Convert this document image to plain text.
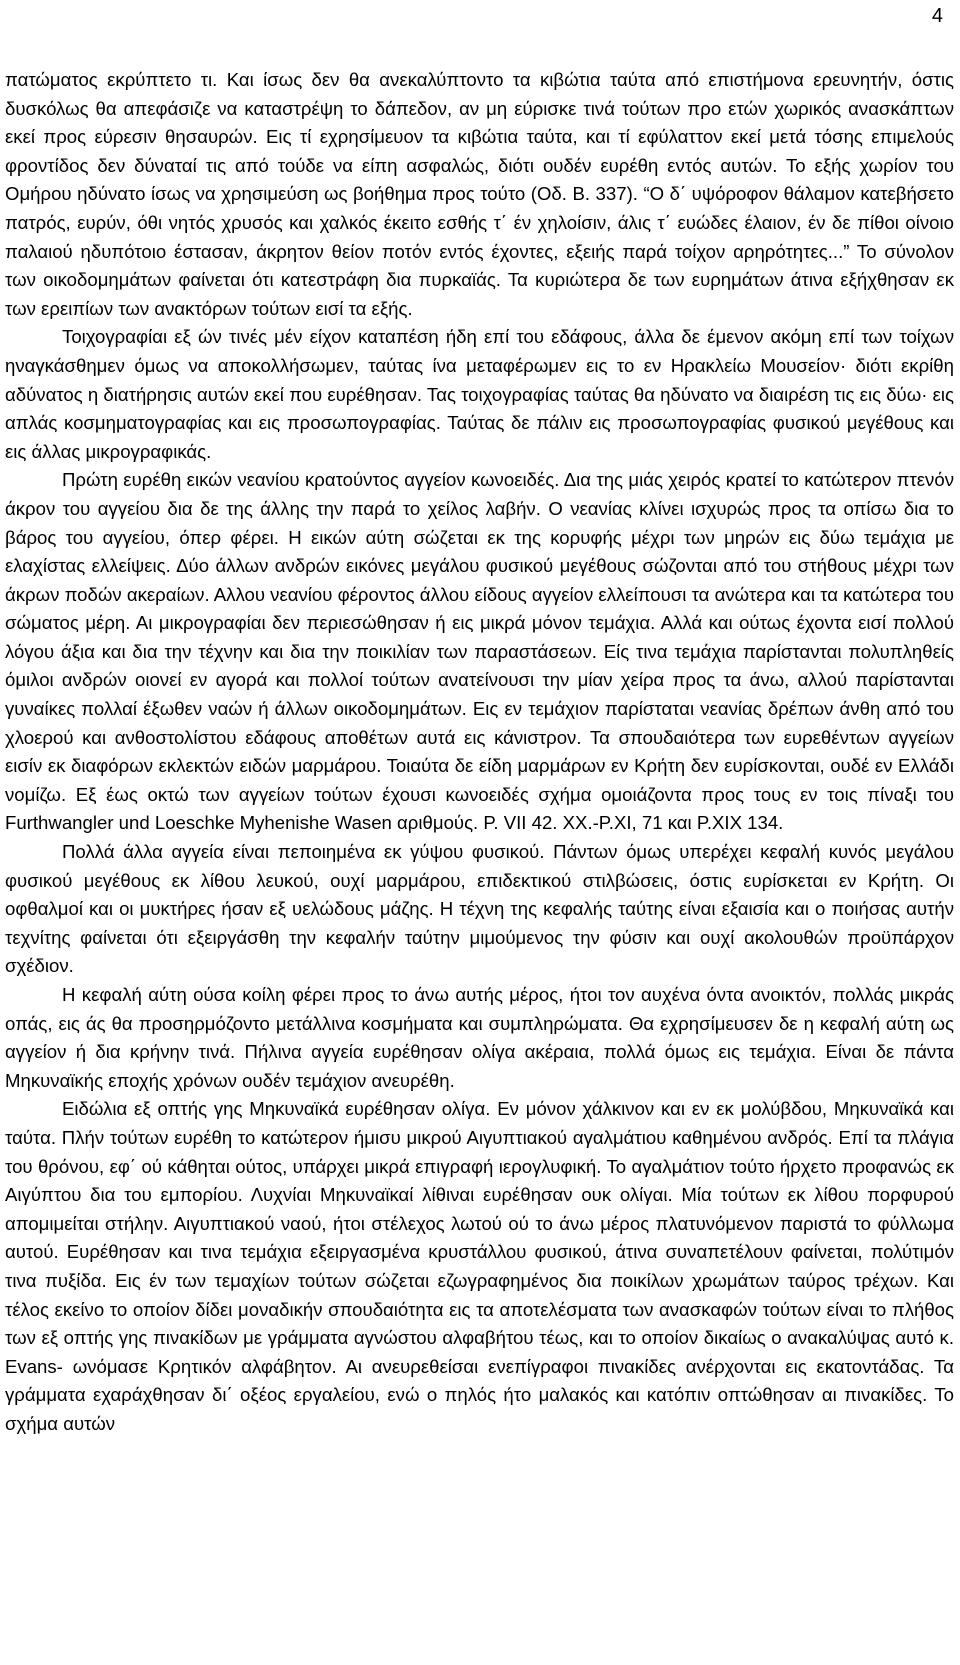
4

πατώματος εκρύπτετο τι. Και ίσως δεν θα ανεκαλύπτοντο τα κιβώτια ταύτα από επιστήμονα ερευνητήν, όστις δυσκόλως θα απεφάσιζε να καταστρέψη το δάπεδον, αν μη εύρισκε τινά τούτων προ ετών χωρικός ανασκάπτων εκεί προς εύρεσιν θησαυρών. Εις τί εχρησίμευον τα κιβώτια ταύτα, και τί εφύλαττον εκεί μετά τόσης επιμελούς φροντίδος δεν δύναταί τις από τούδε να είπη ασφαλώς, διότι ουδέν ευρέθη εντός αυτών. Το εξής χωρίον του Ομήρου ηδύνατο ίσως να χρησιμεύση ως βοήθημα προς τούτο (Οδ. Β. 337). “Ο δ΄ υψόροφον θάλαμον κατεβήσετο πατρός, ευρύν, όθι νητός χρυσός και χαλκός έκειτο εσθής τ΄ έν χηλοίσιν, άλις τ΄ ευώδες έλαιον, έν δε πίθοι οίνοιο παλαιού ηδυπότοιο έστασαν, άκρητον θείον ποτόν εντός έχοντες, εξειής παρά τοίχον αρηρότητες...” Το σύνολον των οικοδομημάτων φαίνεται ότι κατεστράφη δια πυρκαϊάς. Τα κυριώτερα δε των ευρημάτων άτινα εξήχθησαν εκ των ερειπίων των ανακτόρων τούτων εισί τα εξής.

Τοιχογραφίαι εξ ών τινές μέν είχον καταπέση ήδη επί του εδάφους, άλλα δε έμενον ακόμη επί των τοίχων ηναγκάσθημεν όμως να αποκολλήσωμεν, ταύτας ίνα μεταφέρωμεν εις το εν Ηρακλείω Μουσείον· διότι εκρίθη αδύνατος η διατήρησις αυτών εκεί που ευρέθησαν. Τας τοιχογραφίας ταύτας θα ηδύνατο να διαιρέση τις εις δύω· εις απλάς κοσμηματογραφίας και εις προσωπογραφίας. Ταύτας δε πάλιν εις προσωπογραφίας φυσικού μεγέθους και εις άλλας μικρογραφικάς.

Πρώτη ευρέθη εικών νεανίου κρατούντος αγγείον κωνοειδές. Δια της μιάς χειρός κρατεί το κατώτερον πτενόν άκρον του αγγείου δια δε της άλλης την παρά το χείλος λαβήν. Ο νεανίας κλίνει ισχυρώς προς τα οπίσω δια το βάρος του αγγείου, όπερ φέρει. Η εικών αύτη σώζεται εκ της κορυφής μέχρι των μηρών εις δύω τεμάχια με ελαχίστας ελλείψεις. Δύο άλλων ανδρών εικόνες μεγάλου φυσικού μεγέθους σώζονται από του στήθους μέχρι των άκρων ποδών ακεραίων. Αλλου νεανίου φέροντος άλλου είδους αγγείον ελλείπουσι τα ανώτερα και τα κατώτερα του σώματος μέρη. Αι μικρογραφίαι δεν περιεσώθησαν ή εις μικρά μόνον τεμάχια. Αλλά και ούτως έχοντα εισί πολλού λόγου άξια και δια την τέχνην και δια την ποικιλίαν των παραστάσεων. Είς τινα τεμάχια παρίστανται πολυπληθείς όμιλοι ανδρών οιονεί εν αγορά και πολλοί τούτων ανατείνουσι την μίαν χείρα προς τα άνω, αλλού παρίστανται γυναίκες πολλαί έξωθεν ναών ή άλλων οικοδομημάτων. Εις εν τεμάχιον παρίσταται νεανίας δρέπων άνθη από του χλοερού και ανθοστολίστου εδάφους αποθέτων αυτά εις κάνιστρον. Τα σπουδαιότερα των ευρεθέντων αγγείων εισίν εκ διαφόρων εκλεκτών ειδών μαρμάρου. Τοιαύτα δε είδη μαρμάρων εν Κρήτη δεν ευρίσκονται, ουδέ εν Ελλάδι νομίζω. Εξ έως οκτώ των αγγείων τούτων έχουσι κωνοειδές σχήμα ομοιάζοντα προς τους εν τοις πίναξι του Furthwangler und Loeschke Myhenishe Wasen αριθμούς. Ρ. VII 42. XX.-P.XI, 71 και P.XIX 134.

Πολλά άλλα αγγεία είναι πεποιημένα εκ γύψου φυσικού. Πάντων όμως υπερέχει κεφαλή κυνός μεγάλου φυσικού μεγέθους εκ λίθου λευκού, ουχί μαρμάρου, επιδεκτικού στιλβώσεις, όστις ευρίσκεται εν Κρήτη. Οι οφθαλμοί και οι μυκτήρες ήσαν εξ υελώδους μάζης. Η τέχνη της κεφαλής ταύτης είναι εξαισία και ο ποιήσας αυτήν τεχνίτης φαίνεται ότι εξειργάσθη την κεφαλήν ταύτην μιμούμενος την φύσιν και ουχί ακολουθών προϋπάρχον σχέδιον.

Η κεφαλή αύτη ούσα κοίλη φέρει προς το άνω αυτής μέρος, ήτοι τον αυχένα όντα ανοικτόν, πολλάς μικράς οπάς, εις άς θα προσηρμόζοντο μετάλλινα κοσμήματα και συμπληρώματα. Θα εχρησίμευσεν δε η κεφαλή αύτη ως αγγείον ή δια κρήνην τινά. Πήλινα αγγεία ευρέθησαν ολίγα ακέραια, πολλά όμως εις τεμάχια. Είναι δε πάντα Μηκυναϊκής εποχής χρόνων ουδέν τεμάχιον ανευρέθη.

Ειδώλια εξ οπτής γης Μηκυναϊκά ευρέθησαν ολίγα. Εν μόνον χάλκινον και εν εκ μολύβδου, Μηκυναϊκά και ταύτα. Πλήν τούτων ευρέθη το κατώτερον ήμισυ μικρού Αιγυπτιακού αγαλμάτιου καθημένου ανδρός. Επί τα πλάγια του θρόνου, εφ΄ ού κάθηται ούτος, υπάρχει μικρά επιγραφή ιερογλυφική. Το αγαλμάτιον τούτο ήρχετο προφανώς εκ Αιγύπτου δια του εμπορίου. Λυχνίαι Μηκυναϊκαί λίθιναι ευρέθησαν ουκ ολίγαι. Μία τούτων εκ λίθου πορφυρού απομιμείται στήλην. Αιγυπτιακού ναού, ήτοι στέλεχος λωτού ού το άνω μέρος πλατυνόμενον παριστά το φύλλωμα αυτού. Ευρέθησαν και τινα τεμάχια εξειργασμένα κρυστάλλου φυσικού, άτινα συναπετέλουν φαίνεται, πολύτιμόν τινα πυξίδα. Εις έν των τεμαχίων τούτων σώζεται εζωγραφημένος δια ποικίλων χρωμάτων ταύρος τρέχων. Και τέλος εκείνο το οποίον δίδει μοναδικήν σπουδαιότητα εις τα αποτελέσματα των ανασκαφών τούτων είναι το πλήθος των εξ οπτής γης πινακίδων με γράμματα αγνώστου αλφαβήτου τέως, και το οποίον δικαίως ο ανακαλύψας αυτό κ. Evans- ωνόμασε Κρητικόν αλφάβητον. Αι ανευρεθείσαι ενεπίγραφοι πινακίδες ανέρχονται εις εκατοντάδας. Τα γράμματα εχαράχθησαν δι΄ οξέος εργαλείου, ενώ ο πηλός ήτο μαλακός και κατόπιν οπτώθησαν αι πινακίδες. Το σχήμα αυτών
